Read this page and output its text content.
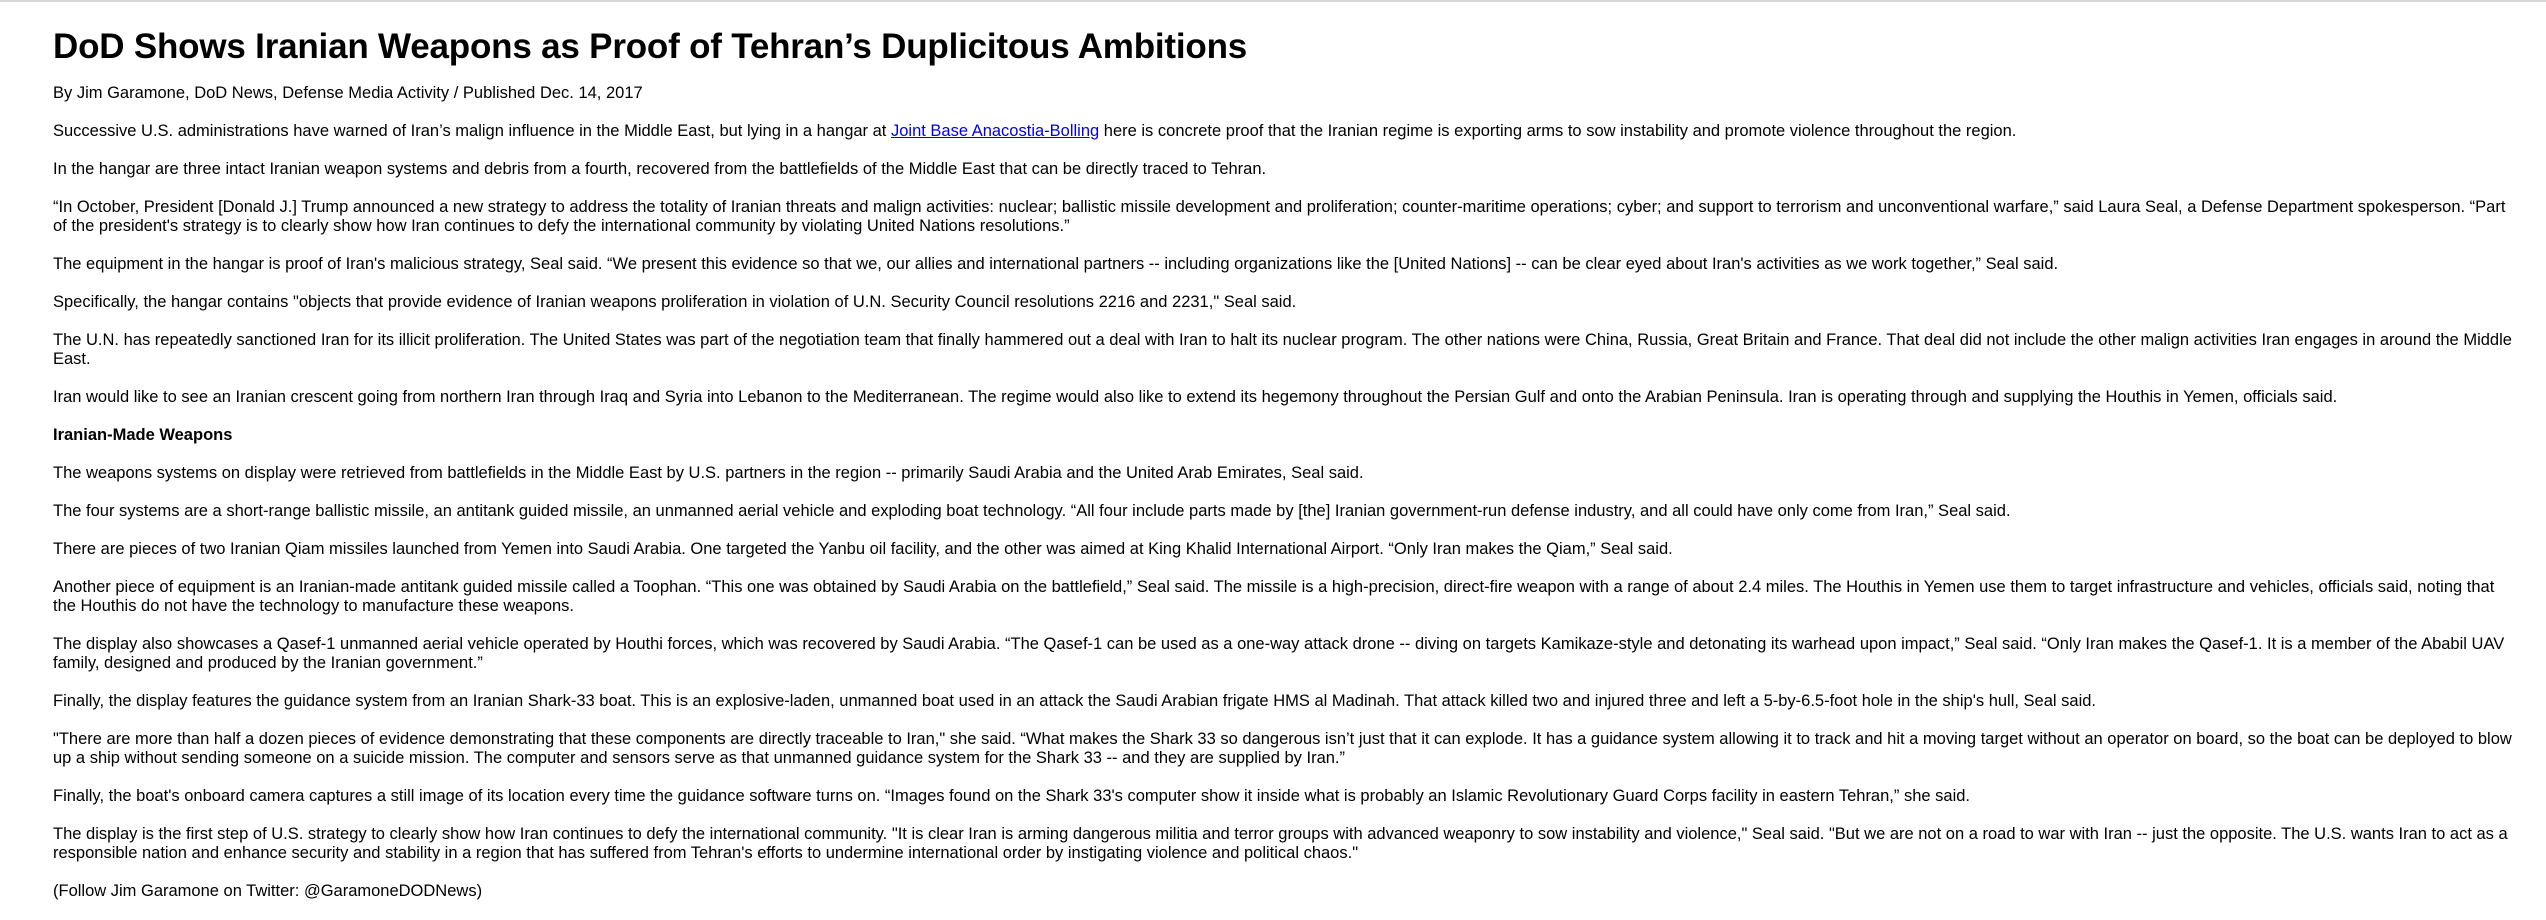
DoD Shows Iranian Weapons as Proof of Tehran’s Duplicitous Ambitions

By Jim Garamone, DoD News, Defense Media Activity / Published Dec. 14, 2017

Successive U.S. administrations have warned of Iran’s malign influence in the Middle East, but lying in a hangar at Joint Base Anacostia-Bolling here is concrete proof that the Iranian regime is exporting arms to sow instability and promote violence throughout the region.

In the hangar are three intact Iranian weapon systems and debris from a fourth, recovered from the battlefields of the Middle East that can be directly traced to Tehran.

“In October, President [Donald J.] Trump announced a new strategy to address the totality of Iranian threats and malign activities: nuclear; ballistic missile development and proliferation; counter-maritime operations; cyber; and support to terrorism and unconventional warfare,” said Laura Seal, a Defense Department spokesperson. “Part of the president's strategy is to clearly show how Iran continues to defy the international community by violating United Nations resolutions.”

The equipment in the hangar is proof of Iran's malicious strategy, Seal said. “We present this evidence so that we, our allies and international partners -- including organizations like the [United Nations] -- can be clear eyed about Iran's activities as we work together,” Seal said.

Specifically, the hangar contains "objects that provide evidence of Iranian weapons proliferation in violation of U.N. Security Council resolutions 2216 and 2231," Seal said.

The U.N. has repeatedly sanctioned Iran for its illicit proliferation. The United States was part of the negotiation team that finally hammered out a deal with Iran to halt its nuclear program. The other nations were China, Russia, Great Britain and France. That deal did not include the other malign activities Iran engages in around the Middle East.

Iran would like to see an Iranian crescent going from northern Iran through Iraq and Syria into Lebanon to the Mediterranean. The regime would also like to extend its hegemony throughout the Persian Gulf and onto the Arabian Peninsula. Iran is operating through and supplying the Houthis in Yemen, officials said.

Iranian-Made Weapons

The weapons systems on display were retrieved from battlefields in the Middle East by U.S. partners in the region -- primarily Saudi Arabia and the United Arab Emirates, Seal said.

The four systems are a short-range ballistic missile, an antitank guided missile, an unmanned aerial vehicle and exploding boat technology. “All four include parts made by [the] Iranian government-run defense industry, and all could have only come from Iran,” Seal said.

There are pieces of two Iranian Qiam missiles launched from Yemen into Saudi Arabia. One targeted the Yanbu oil facility, and the other was aimed at King Khalid International Airport. “Only Iran makes the Qiam,” Seal said.

Another piece of equipment is an Iranian-made antitank guided missile called a Toophan. “This one was obtained by Saudi Arabia on the battlefield,” Seal said. The missile is a high-precision, direct-fire weapon with a range of about 2.4 miles. The Houthis in Yemen use them to target infrastructure and vehicles, officials said, noting that the Houthis do not have the technology to manufacture these weapons.

The display also showcases a Qasef-1 unmanned aerial vehicle operated by Houthi forces, which was recovered by Saudi Arabia. “The Qasef-1 can be used as a one-way attack drone -- diving on targets Kamikaze-style and detonating its warhead upon impact,” Seal said. “Only Iran makes the Qasef-1. It is a member of the Ababil UAV family, designed and produced by the Iranian government.”

Finally, the display features the guidance system from an Iranian Shark-33 boat. This is an explosive-laden, unmanned boat used in an attack the Saudi Arabian frigate HMS al Madinah. That attack killed two and injured three and left a 5-by-6.5-foot hole in the ship's hull, Seal said.

"There are more than half a dozen pieces of evidence demonstrating that these components are directly traceable to Iran," she said. “What makes the Shark 33 so dangerous isn’t just that it can explode. It has a guidance system allowing it to track and hit a moving target without an operator on board, so the boat can be deployed to blow up a ship without sending someone on a suicide mission. The computer and sensors serve as that unmanned guidance system for the Shark 33 -- and they are supplied by Iran.”

Finally, the boat's onboard camera captures a still image of its location every time the guidance software turns on. “Images found on the Shark 33's computer show it inside what is probably an Islamic Revolutionary Guard Corps facility in eastern Tehran,” she said.

The display is the first step of U.S. strategy to clearly show how Iran continues to defy the international community. "It is clear Iran is arming dangerous militia and terror groups with advanced weaponry to sow instability and violence," Seal said. "But we are not on a road to war with Iran -- just the opposite. The U.S. wants Iran to act as a responsible nation and enhance security and stability in a region that has suffered from Tehran's efforts to undermine international order by instigating violence and political chaos."

(Follow Jim Garamone on Twitter: @GaramoneDODNews)
